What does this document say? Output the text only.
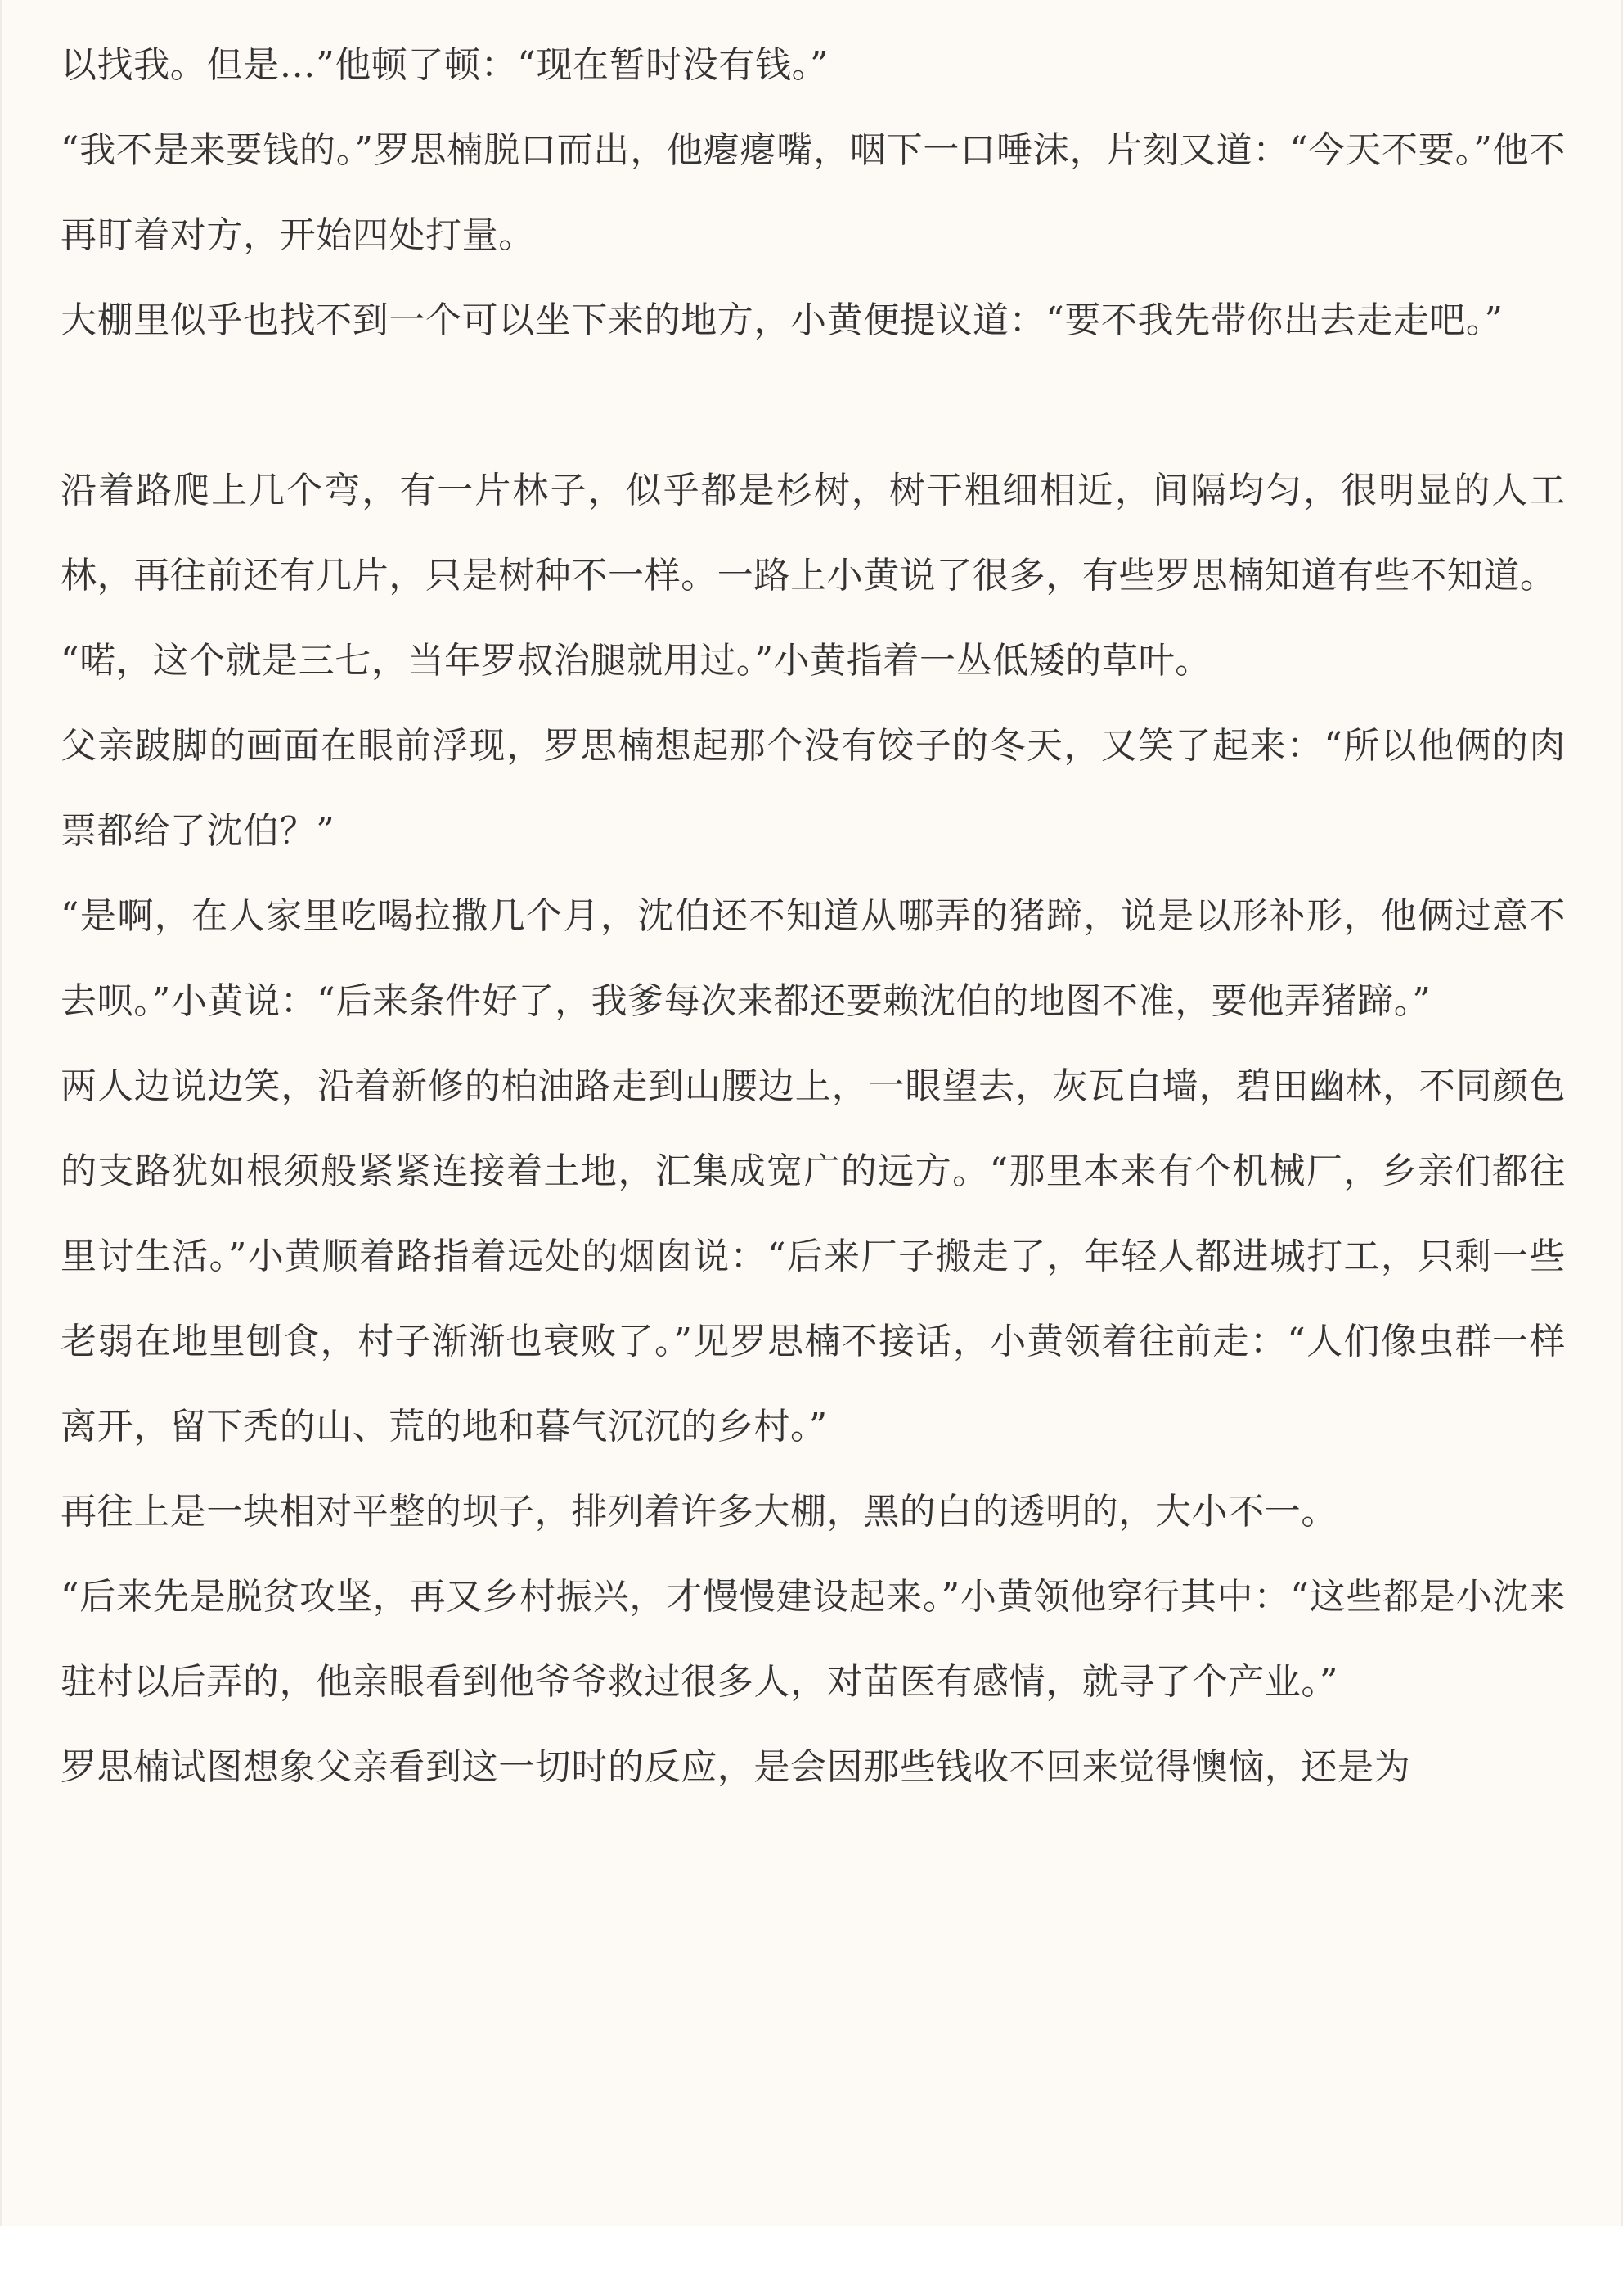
以找我。但是…”他顿了顿：“现在暂时没有钱。”

“我不是来要钱的。”罗思楠脱口而出，他瘪瘪嘴，咽下一口唾沫，片刻又道：“今天不要。”他不再盯着对方，开始四处打量。

大棚里似乎也找不到一个可以坐下来的地方，小黄便提议道：“要不我先带你出去走走吧。”

沿着路爬上几个弯，有一片林子，似乎都是杉树，树干粗细相近，间隔均匀，很明显的人工林，再往前还有几片，只是树种不一样。一路上小黄说了很多，有些罗思楠知道有些不知道。

“喏，这个就是三七，当年罗叔治腿就用过。”小黄指着一丛低矮的草叶。

父亲跛脚的画面在眼前浮现，罗思楠想起那个没有饺子的冬天，又笑了起来：“所以他俩的肉票都给了沈伯？”

“是啊，在人家里吃喝拉撒几个月，沈伯还不知道从哪弄的猪蹄，说是以形补形，他俩过意不去呗。”小黄说：“后来条件好了，我爹每次来都还要赖沈伯的地图不准，要他弄猪蹄。”

两人边说边笑，沿着新修的柏油路走到山腰边上，一眼望去，灰瓦白墙，碧田幽林，不同颜色的支路犹如根须般紧紧连接着土地，汇集成宽广的远方。“那里本来有个机械厂，乡亲们都往里讨生活。”小黄顺着路指着远处的烟囱说：“后来厂子搬走了，年轻人都进城打工，只剩一些老弱在地里刨食，村子渐渐也衰败了。”见罗思楠不接话，小黄领着往前走：“人们像虫群一样离开，留下秃的山、荒的地和暮气沉沉的乡村。”

再往上是一块相对平整的坝子，排列着许多大棚，黑的白的透明的，大小不一。

“后来先是脱贫攻坚，再又乡村振兴，才慢慢建设起来。”小黄领他穿行其中：“这些都是小沈来驻村以后弄的，他亲眼看到他爷爷救过很多人，对苗医有感情，就寻了个产业。”

罗思楠试图想象父亲看到这一切时的反应，是会因那些钱收不回来觉得懊恼，还是为
